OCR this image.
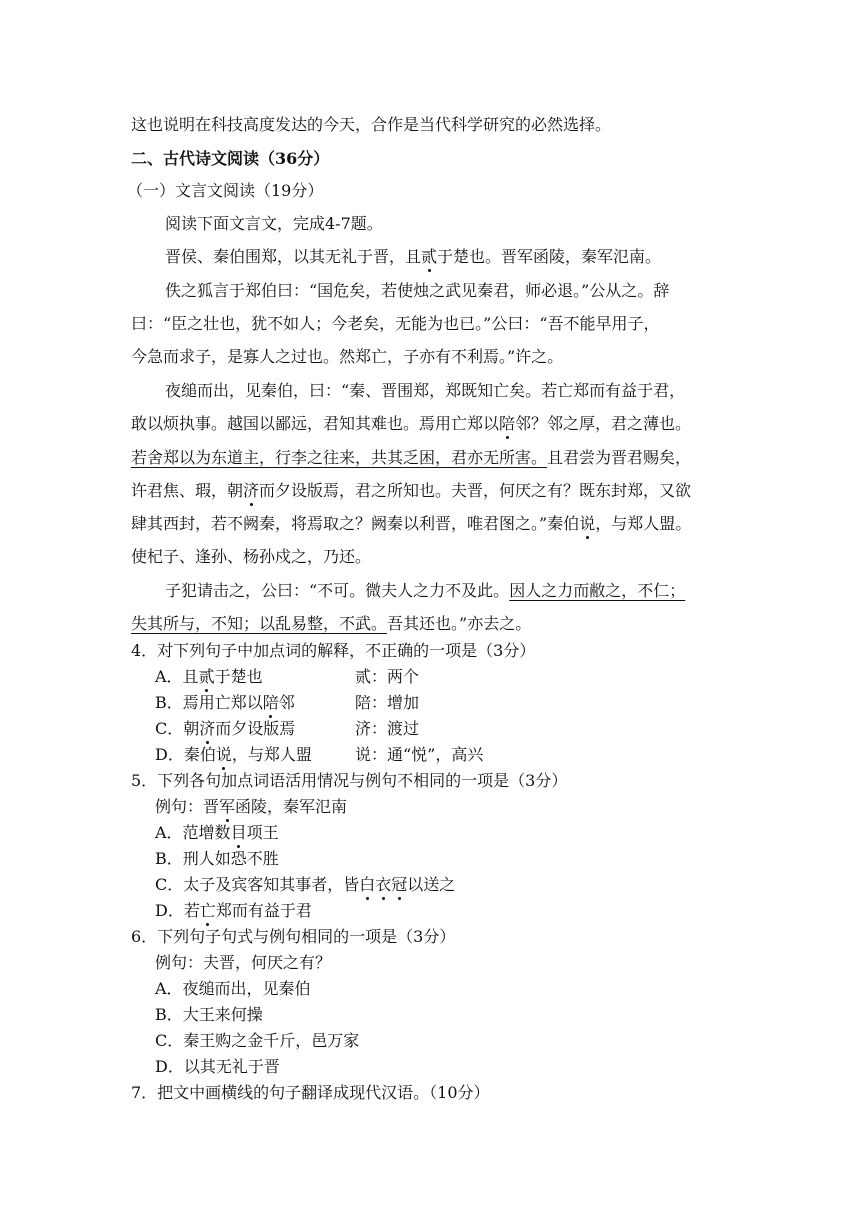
这也说明在科技高度发达的今天，合作是当代科学研究的必然选择。
二、古代诗文阅读（36分）
（一）文言文阅读（19分）
阅读下面文言文，完成4-7题。
晋侯、秦伯围郑，以其无礼于晋，且贰于楚也。晋军函陵，秦军氾南。
佚之狐言于郑伯曰：“国危矣，若使烛之武见秦君，师必退。”公从之。辞
曰：“臣之壮也，犹不如人；今老矣，无能为也已。”公曰：“吾不能早用子，
今急而求子，是寡人之过也。然郑亡，子亦有不利焉。”许之。
夜缒而出，见秦伯，曰：“秦、晋围郑，郑既知亡矣。若亡郑而有益于君，
敢以烦执事。越国以鄙远，君知其难也。焉用亡郑以陪邻？邻之厚，君之薄也。
若舍郑以为东道主，行李之往来，共其乏困，君亦无所害。且君尝为晋君赐矣，
许君焦、瑕，朝济而夕设版焉，君之所知也。夫晋，何厌之有？既东封郑，又欲
肆其西封，若不阙秦，将焉取之？阙秦以利晋，唯君图之。”秦伯说，与郑人盟。
使杞子、逢孙、杨孙戍之，乃还。
子犯请击之，公曰：“不可。微夫人之力不及此。因人之力而敝之，不仁；
失其所与，不知；以乱易整，不武。吾其还也。”亦去之。
4．对下列句子中加点词的解释，不正确的一项是（3分）
A．且贰于楚也	贰：两个
B．焉用亡郑以陪邻	陪：增加
C．朝济而夕设版焉	济：渡过
D．秦伯说，与郑人盟	说：通“悦”，高兴
5．下列各句加点词语活用情况与例句不相同的一项是（3分）
例句：晋军函陵，秦军氾南
A．范增数目项王
B．刑人如恐不胜
C．太子及宾客知其事者，皆白衣冠以送之
D．若亡郑而有益于君
6．下列句子句式与例句相同的一项是（3分）
例句：夫晋，何厌之有？
A．夜缒而出，见秦伯
B．大王来何操
C．秦王购之金千斤，邑万家
D．以其无礼于晋
7．把文中画横线的句子翻译成现代汉语。（10分）
